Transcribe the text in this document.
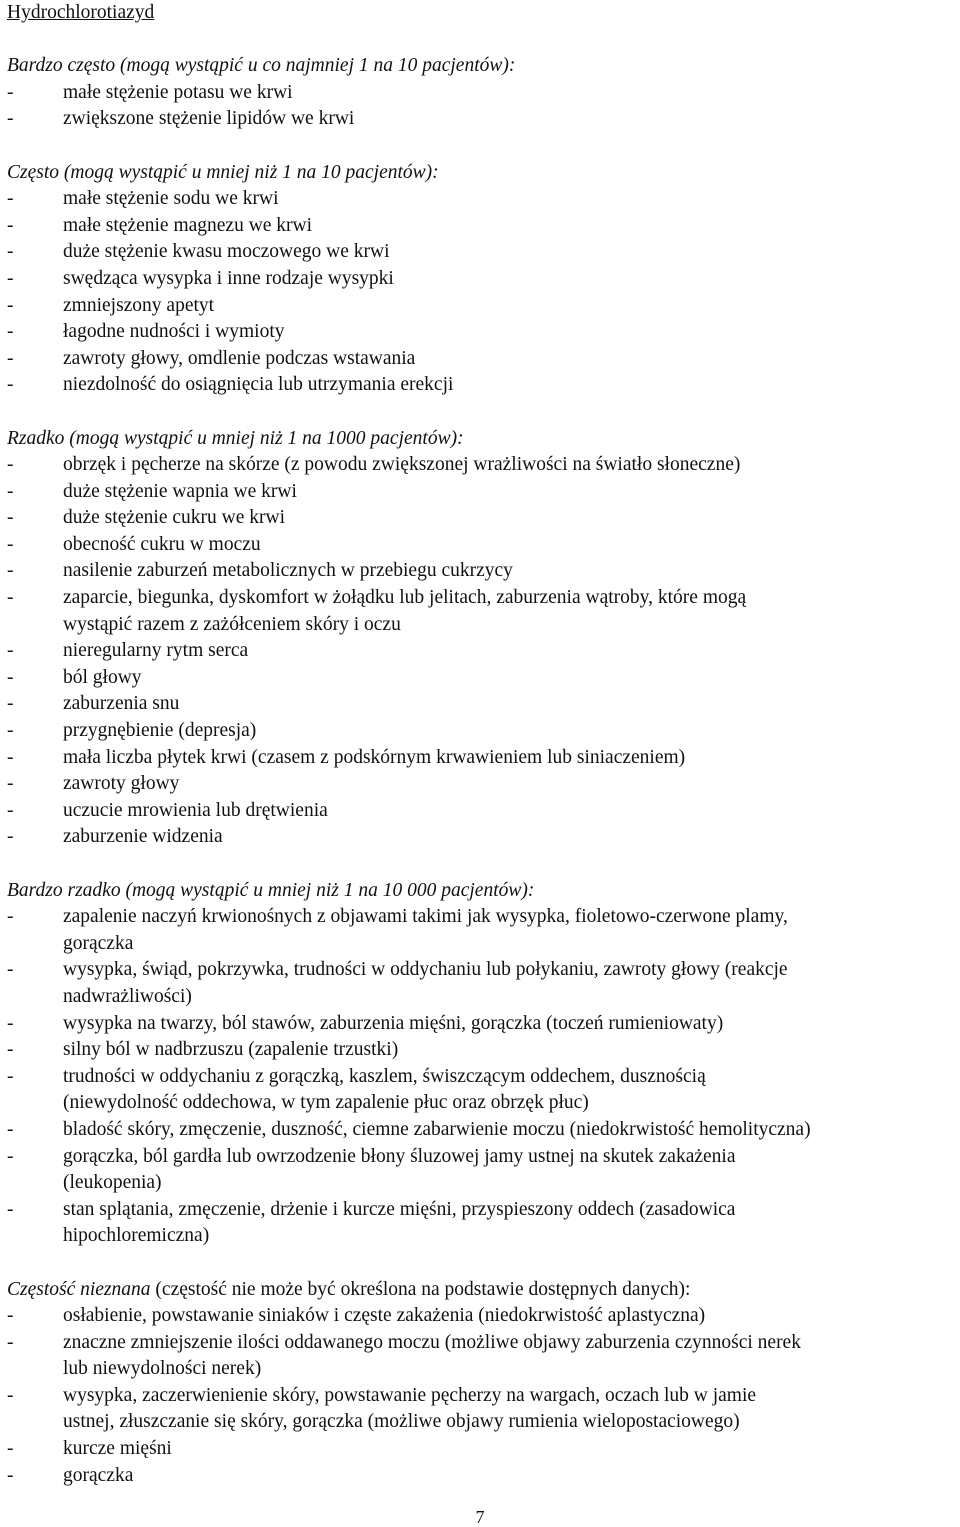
Hydrochlorotiazyd
Bardzo często (mogą wystąpić u co najmniej 1 na 10 pacjentów):
-	małe stężenie potasu we krwi
-	zwiększone stężenie lipidów we krwi
Często (mogą wystąpić u mniej niż 1 na 10 pacjentów):
-	małe stężenie sodu we krwi
-	małe stężenie magnezu we krwi
-	duże stężenie kwasu moczowego we krwi
-	swędząca wysypka i inne rodzaje wysypki
-	zmniejszony apetyt
-	łagodne nudności i wymioty
-	zawroty głowy, omdlenie podczas wstawania
-	niezdolność do osiągnięcia lub utrzymania erekcji
Rzadko (mogą wystąpić u mniej niż 1 na 1000 pacjentów):
-	obrzęk i pęcherze na skórze (z powodu zwiększonej wrażliwości na światło słoneczne)
-	duże stężenie wapnia we krwi
-	duże stężenie cukru we krwi
-	obecność cukru w moczu
-	nasilenie zaburzeń metabolicznych w przebiegu cukrzycy
-	zaparcie, biegunka, dyskomfort w żołądku lub jelitach, zaburzenia wątroby, które mogą
wystąpić razem z zażółceniem skóry i oczu
-	nieregularny rytm serca
-	ból głowy
-	zaburzenia snu
-	przygnębienie (depresja)
-	mała liczba płytek krwi (czasem z podskórnym krwawieniem lub siniaczeniem)
-	zawroty głowy
-	uczucie mrowienia lub drętwienia
-	zaburzenie widzenia
Bardzo rzadko (mogą wystąpić u mniej niż 1 na 10 000 pacjentów):
-	zapalenie naczyń krwionośnych z objawami takimi jak wysypka, fioletowo-czerwone plamy,
gorączka
-	wysypka, świąd, pokrzywka, trudności w oddychaniu lub połykaniu, zawroty głowy (reakcje
nadwrażliwości)
-	wysypka na twarzy, ból stawów, zaburzenia mięśni, gorączka (toczeń rumieniowaty)
-	silny ból w nadbrzuszu (zapalenie trzustki)
-	trudności w oddychaniu z gorączką, kaszlem, świszczącym oddechem, dusznością
(niewydolność oddechowa, w tym zapalenie płuc oraz obrzęk płuc)
-	bladość skóry, zmęczenie, duszność, ciemne zabarwienie moczu (niedokrwistość hemolityczna)
-	gorączka, ból gardła lub owrzodzenie błony śluzowej jamy ustnej na skutek zakażenia
(leukopenia)
-	stan splątania, zmęczenie, drżenie i kurcze mięśni, przyspieszony oddech (zasadowica
hipochloremiczna)
Częstość nieznana (częstość nie może być określona na podstawie dostępnych danych):
-	osłabienie, powstawanie siniaków i częste zakażenia (niedokrwistość aplastyczna)
-	znaczne zmniejszenie ilości oddawanego moczu (możliwe objawy zaburzenia czynności nerek
lub niewydolności nerek)
-	wysypka, zaczerwienienie skóry, powstawanie pęcherzy na wargach, oczach lub w jamie
ustnej, złuszczanie się skóry, gorączka (możliwe objawy rumienia wielopostaciowego)
-	kurcze mięśni
-	gorączka
7
